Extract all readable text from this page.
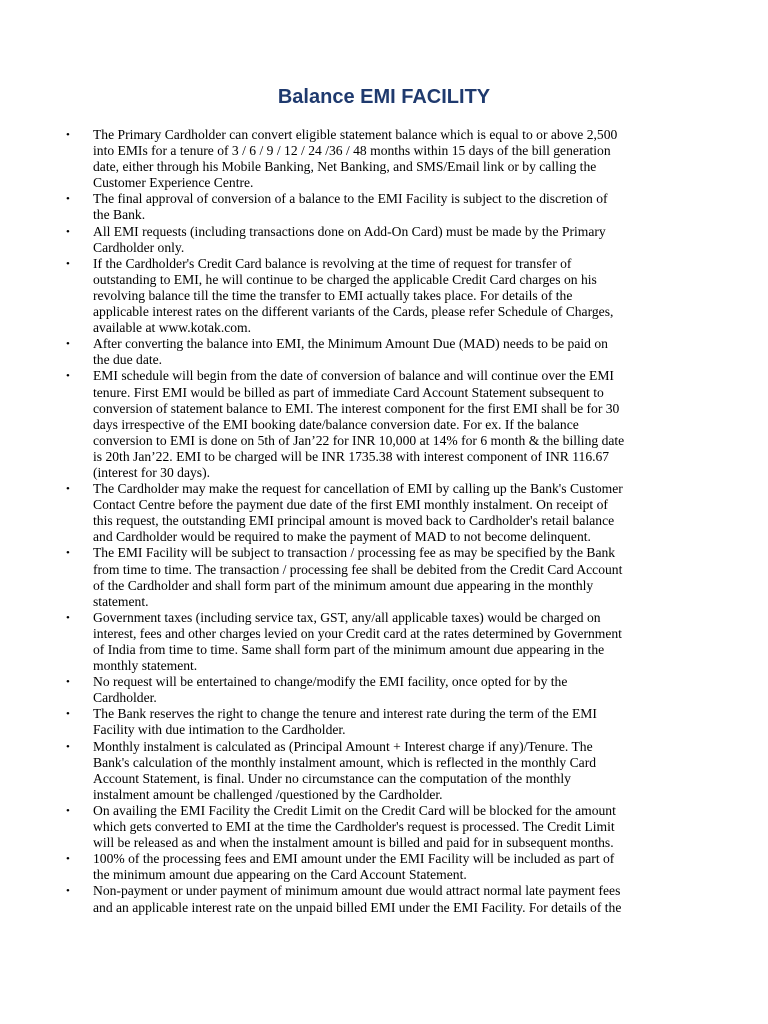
Balance EMI FACILITY
• The Primary Cardholder can convert eligible statement balance which is equal to or above 2,500
into EMIs for a tenure of 3 / 6 / 9 / 12 / 24 /36 / 48 months within 15 days of the bill generation
date, either through his Mobile Banking, Net Banking, and SMS/Email link or by calling the
Customer Experience Centre.
• The final approval of conversion of a balance to the EMI Facility is subject to the discretion of
the Bank.
• All EMI requests (including transactions done on Add-On Card) must be made by the Primary
Cardholder only.
• If the Cardholder's Credit Card balance is revolving at the time of request for transfer of
outstanding to EMI, he will continue to be charged the applicable Credit Card charges on his
revolving balance till the time the transfer to EMI actually takes place. For details of the
applicable interest rates on the different variants of the Cards, please refer Schedule of Charges,
available at www.kotak.com.
• After converting the balance into EMI, the Minimum Amount Due (MAD) needs to be paid on
the due date.
• EMI schedule will begin from the date of conversion of balance and will continue over the EMI
tenure. First EMI would be billed as part of immediate Card Account Statement subsequent to
conversion of statement balance to EMI. The interest component for the first EMI shall be for 30
days irrespective of the EMI booking date/balance conversion date. For ex. If the balance
conversion to EMI is done on 5th of Jan’22 for INR 10,000 at 14% for 6 month & the billing date
is 20th Jan’22. EMI to be charged will be INR 1735.38 with interest component of INR 116.67
(interest for 30 days).
• The Cardholder may make the request for cancellation of EMI by calling up the Bank's Customer
Contact Centre before the payment due date of the first EMI monthly instalment. On receipt of
this request, the outstanding EMI principal amount is moved back to Cardholder's retail balance
and Cardholder would be required to make the payment of MAD to not become delinquent.
• The EMI Facility will be subject to transaction / processing fee as may be specified by the Bank
from time to time. The transaction / processing fee shall be debited from the Credit Card Account
of the Cardholder and shall form part of the minimum amount due appearing in the monthly
statement.
• Government taxes (including service tax, GST, any/all applicable taxes) would be charged on
interest, fees and other charges levied on your Credit card at the rates determined by Government
of India from time to time. Same shall form part of the minimum amount due appearing in the
monthly statement.
• No request will be entertained to change/modify the EMI facility, once opted for by the
Cardholder.
• The Bank reserves the right to change the tenure and interest rate during the term of the EMI
Facility with due intimation to the Cardholder.
• Monthly instalment is calculated as (Principal Amount + Interest charge if any)/Tenure. The
Bank's calculation of the monthly instalment amount, which is reflected in the monthly Card
Account Statement, is final. Under no circumstance can the computation of the monthly
instalment amount be challenged /questioned by the Cardholder.
• On availing the EMI Facility the Credit Limit on the Credit Card will be blocked for the amount
which gets converted to EMI at the time the Cardholder's request is processed. The Credit Limit
will be released as and when the instalment amount is billed and paid for in subsequent months.
• 100% of the processing fees and EMI amount under the EMI Facility will be included as part of
the minimum amount due appearing on the Card Account Statement.
• Non-payment or under payment of minimum amount due would attract normal late payment fees
and an applicable interest rate on the unpaid billed EMI under the EMI Facility. For details of the
